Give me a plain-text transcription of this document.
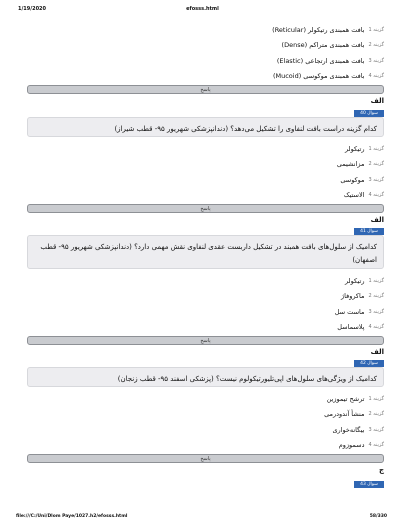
1/19/2020	efosss.html
گزینه 1
بافت همبندی رتیکولر (Reticular)
گزینه 2
بافت همبندی متراکم (Dense)
گزینه 3
بافت همبندی ارتجاعی (Elastic)
گزینه 4
بافت همبندی موکوسی (Mucoid)
پاسخ
الف
سوال 40
کدام گزینه دراست بافت لنفاوی را تشکیل می‌دهد؟ (دندانپزشکی شهریور ۹۵- قطب شیراز)
گزینه 1
رتیکولر
گزینه 2
مزانشیمی
گزینه 3
موکوسی
گزینه 4
الاستیک
پاسخ
الف
سوال 41
کدامیک از سلول‌های بافت همبند در تشکیل داربست عقدی لنفاوی نقش مهمی دارد؟ (دندانپزشکی شهریور ۹۵- قطب اصفهان)
گزینه 1
رتیکولر
گزینه 2
ماکروفاژ
گزینه 3
ماست سل
گزینه 4
پلاسماسل
پاسخ
الف
سوال 42
کدامیک از ویژگی‌های سلول‌های اپی‌تلیورتیکولوم نیست؟ (پزشکی اسفند ۹۵- قطب زنجان)
گزینه 1
ترشح تیموزین
گزینه 2
منشأ آندودرمی
گزینه 3
بیگانه‌خواری
گزینه 4
دسموزوم
پاسخ
ج
سوال 43
file:///C:/Uni/Dlom Paye/1027.h2/efosss.html	58/330
